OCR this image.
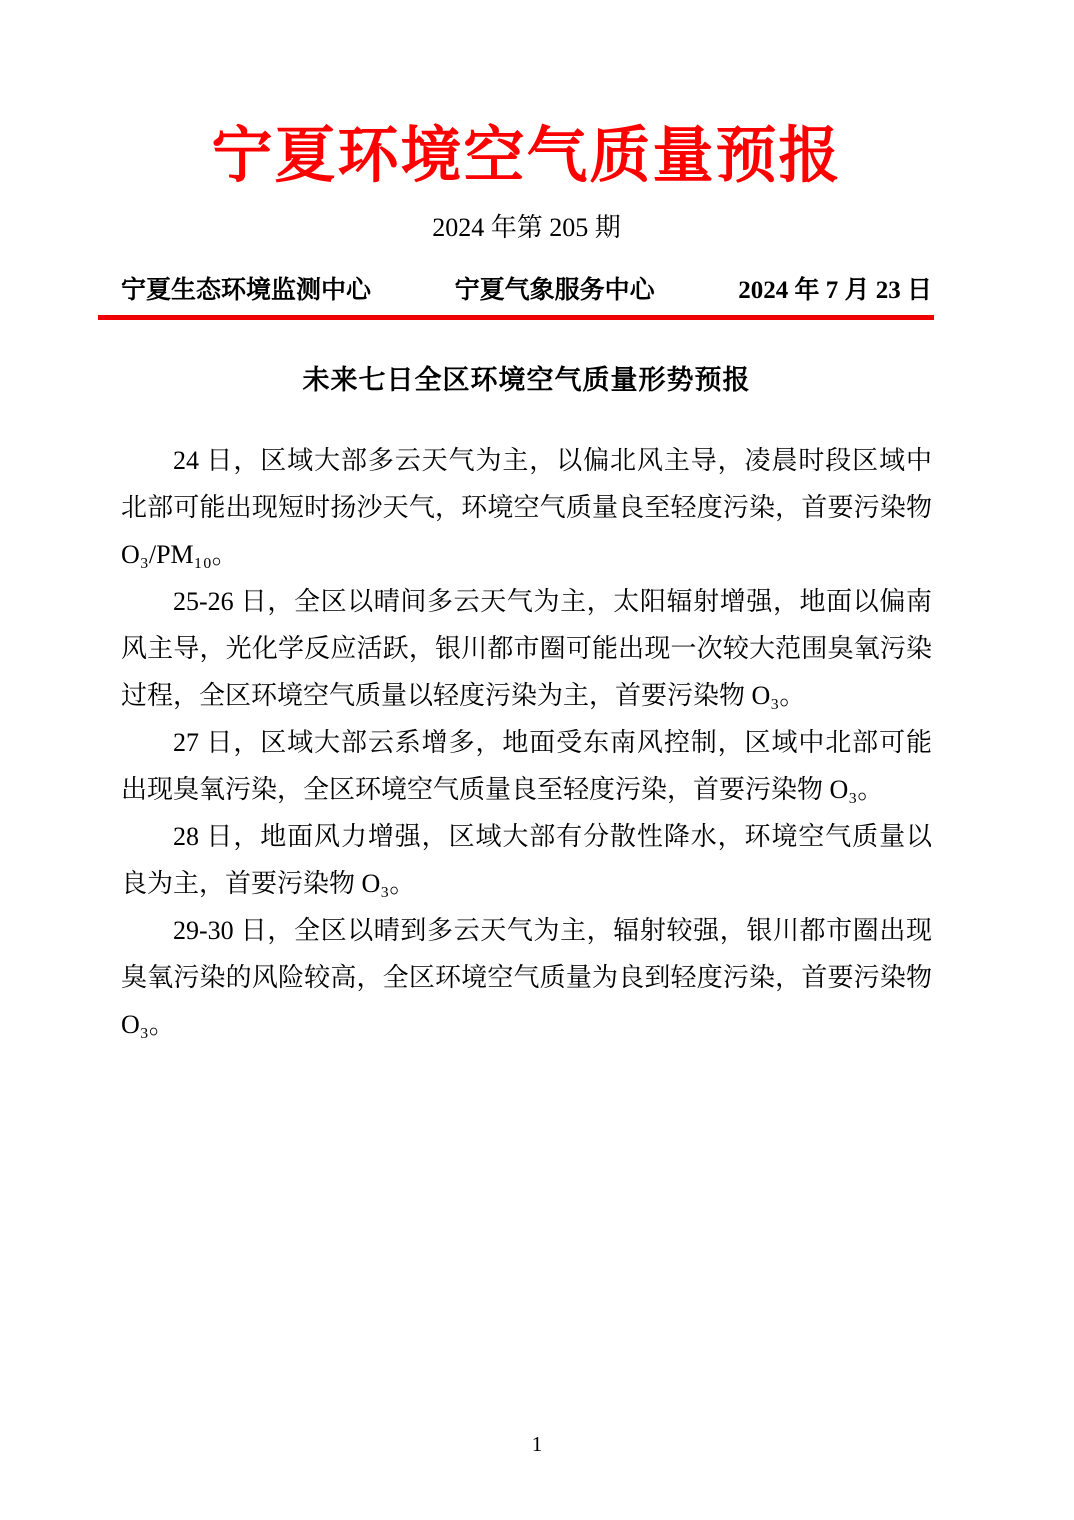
宁夏环境空气质量预报
2024 年第 205 期
宁夏生态环境监测中心	宁夏气象服务中心	2024 年 7 月 23 日
未来七日全区环境空气质量形势预报

24 日，区域大部多云天气为主，以偏北风主导，凌晨时段区域中北部可能出现短时扬沙天气，环境空气质量良至轻度污染，首要污染物 O₃/PM₁₀。

25-26 日，全区以晴间多云天气为主，太阳辐射增强，地面以偏南风主导，光化学反应活跃，银川都市圈可能出现一次较大范围臭氧污染过程，全区环境空气质量以轻度污染为主，首要污染物 O₃。

27 日，区域大部云系增多，地面受东南风控制，区域中北部可能出现臭氧污染，全区环境空气质量良至轻度污染，首要污染物 O₃。

28 日，地面风力增强，区域大部有分散性降水，环境空气质量以良为主，首要污染物 O₃。

29-30 日，全区以晴到多云天气为主，辐射较强，银川都市圈出现臭氧污染的风险较高，全区环境空气质量为良到轻度污染，首要污染物 O₃。

1
